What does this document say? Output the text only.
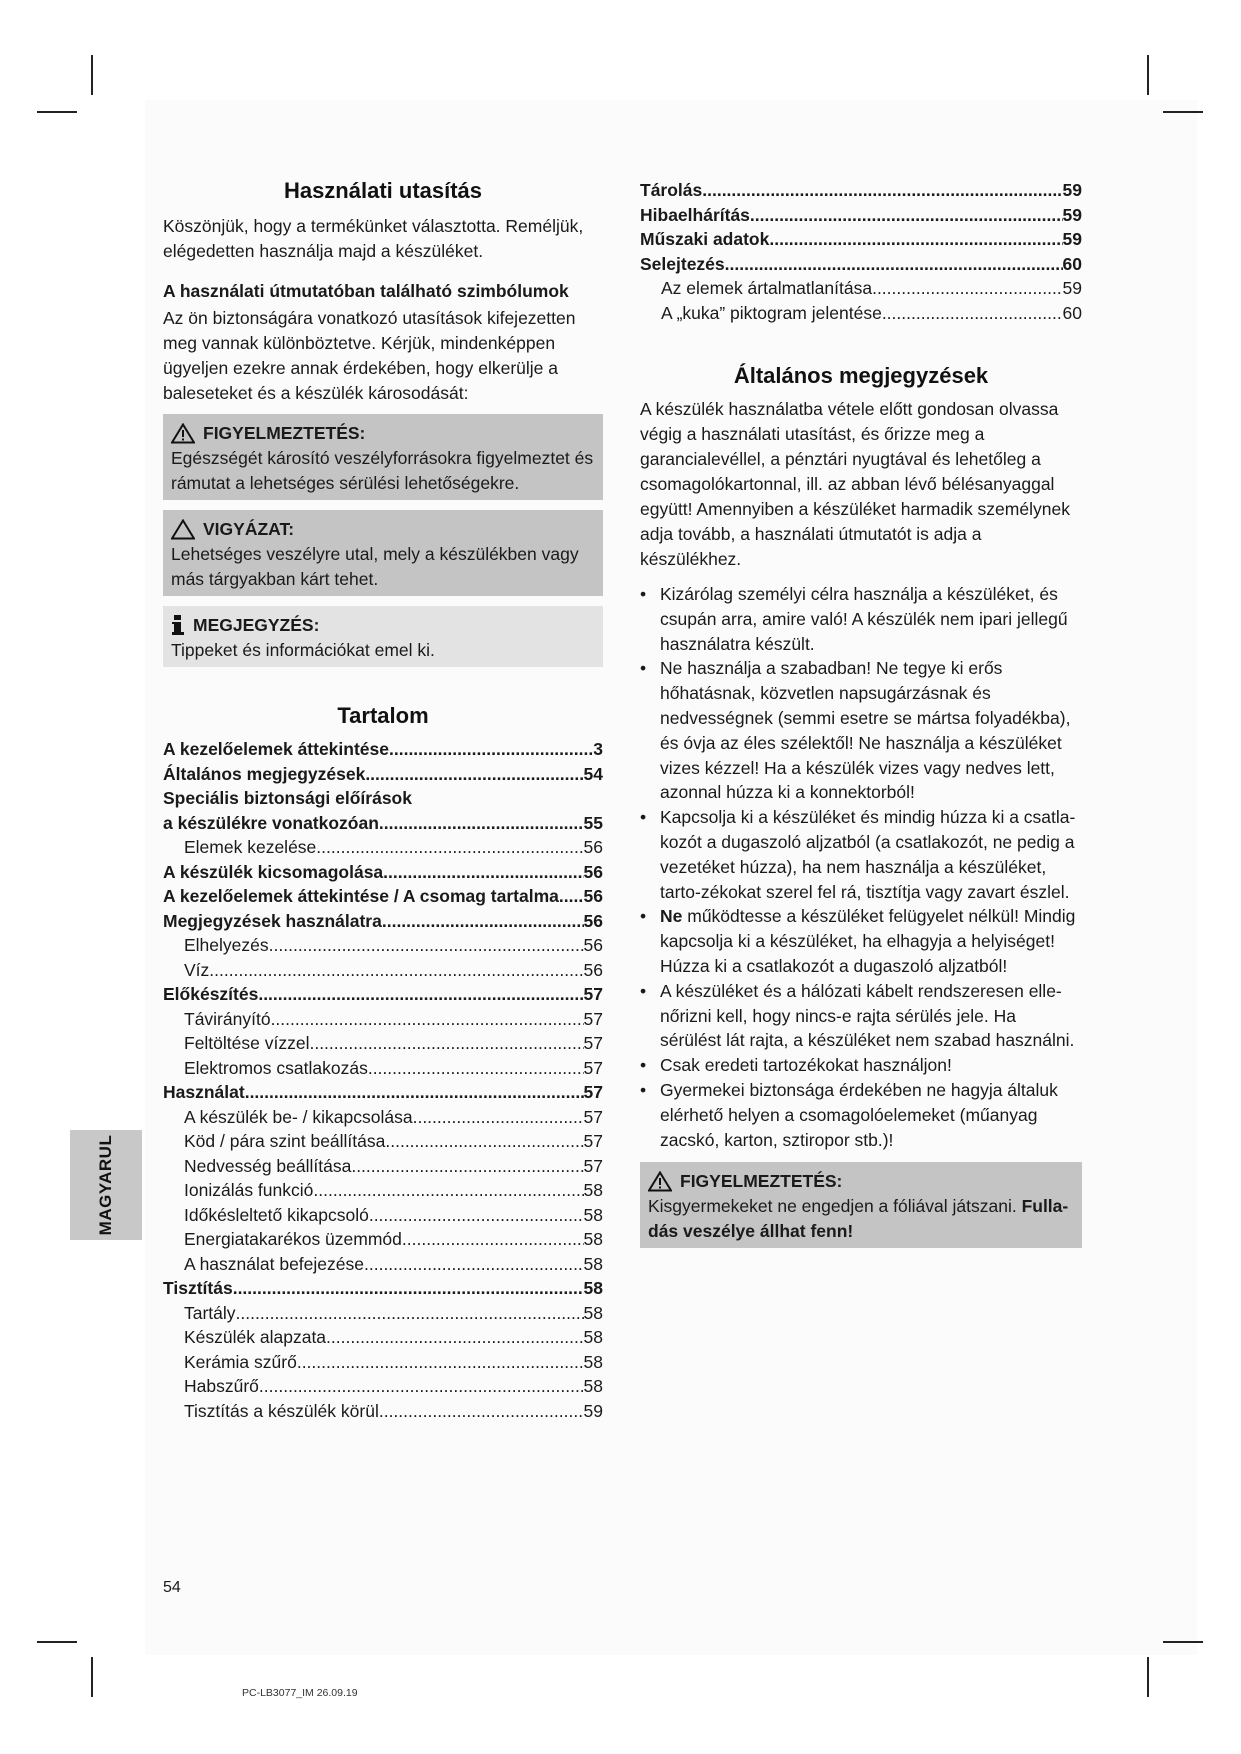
Használati utasítás

Köszönjük, hogy a termékünket választotta. Reméljük, elégedetten használja majd a készüléket.

A használati útmutatóban található szimbólumok

Az ön biztonságára vonatkozó utasítások kifejezetten meg vannak különböztetve. Kérjük, mindenképpen ügyeljen ezekre annak érdekében, hogy elkerülje a baleseteket és a készülék károsodását:

FIGYELMEZTETÉS:
Egészségét károsító veszélyforrásokra figyelmeztet és rámutat a lehetséges sérülési lehetőségekre.
VIGYÁZAT:
Lehetséges veszélyre utal, mely a készülékben vagy más tárgyakban kárt tehet.
MEGJEGYZÉS:
Tippeket és információkat emel ki.
Tartalom
A kezelőelemek áttekintése .....	3
Általános megjegyzések .....	54
Speciális biztonsági előírások
a készülékre vonatkozóan .....	55
Elemek kezelése .....	56
A készülék kicsomagolása .....	56
A kezelőelemek áttekintése / A csomag tartalma ..... 56
Megjegyzések használatra .....	56
Elhelyezés .....	56
Víz .....	56
Előkészítés .....	57
Távirányító .....	57
Feltöltése vízzel .....	57
Elektromos csatlakozás .....	57
Használat .....	57
A készülék be- / kikapcsolása .....	57
Köd / pára szint beállítása .....	57
Nedvesség beállítása .....	57
Ionizálás funkció .....	58
Időkésleltető kikapcsoló .....	58
Energiatakarékos üzemmód .....	58
A használat befejezése .....	58
Tisztítás .....	58
Tartály .....	58
Készülék alapzata .....	58
Kerámia szűrő .....	58
Habszűrő .....	58
Tisztítás a készülék körül .....	59
Tárolás .....	59
Hibaelhárítás .....	59
Műszaki adatok .....	59
Selejtezés .....	60
Az elemek ártalmatlanítása .....	59
A „kuka” piktogram jelentése .....	60
Általános megjegyzések

A készülék használatba vétele előtt gondosan olvassa végig a használati utasítást, és őrizze meg a garancialevéllel, a pénztári nyugtával és lehetőleg a csomagolókartonnal, ill. az abban lévő bélésanyaggal együtt! Amennyiben a készüléket harmadik személynek adja tovább, a használati útmutatót is adja a készülékhez.

• Kizárólag személyi célra használja a készüléket, és csupán arra, amire való! A készülék nem ipari jellegű használatra készült.
• Ne használja a szabadban! Ne tegye ki erős hőhatásnak, közvetlen napsugárzásnak és nedvességnek (semmi esetre se mártsa folyadékba), és óvja az éles szélektől! Ne használja a készüléket vizes kézzel! Ha a készülék vizes vagy nedves lett, azonnal húzza ki a konnektorból!
• Kapcsolja ki a készüléket és mindig húzza ki a csatla-kozót a dugaszoló aljzatból (a csatlakozót, ne pedig a vezetéket húzza), ha nem használja a készüléket, tarto-zékokat szerel fel rá, tisztítja vagy zavart észlel.
• Ne működtesse a készüléket felügyelet nélkül! Mindig kapcsolja ki a készüléket, ha elhagyja a helyiséget! Húzza ki a csatlakozót a dugaszoló aljzatból!
• A készüléket és a hálózati kábelt rendszeresen elle-nőrizni kell, hogy nincs-e rajta sérülés jele. Ha sérülést lát rajta, a készüléket nem szabad használni.
• Csak eredeti tartozékokat használjon!
• Gyermekei biztonsága érdekében ne hagyja általuk elérhető helyen a csomagolóelemeket (műanyag zacskó, karton, sztiropor stb.)!
FIGYELMEZTETÉS:
Kisgyermekeket ne engedjen a fóliával játszani. Fulla-dás veszélye állhat fenn!
MAGYARUL
54
PC-LB3077_IM 26.09.19
